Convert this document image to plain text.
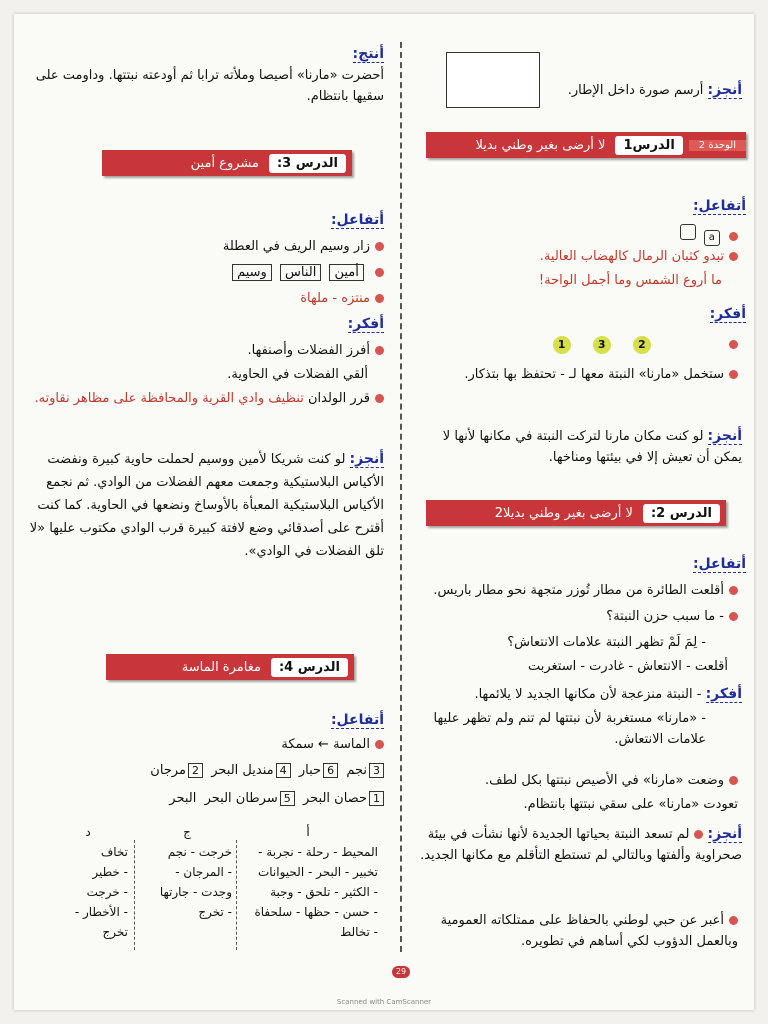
أنجز: أرسم صورة داخل الإطار.
الوحدة 2
الدرس1
لا أرضى بغير وطني بديلا
أتفاعل:
a
تبدو كثبان الرمال كالهضاب العالية.
ما أروع الشمس وما أجمل الواحة!
أفكر:
2 3 1
ستخمل «مارنا» النبتة معها لـ - تحتفظ بها بتذكار.
أنجز: لو كنت مكان مارنا لتركت النبتة في مكانها لأنها لا يمكن أن تعيش إلا في بيئتها ومناخها.
الدرس 2:
لا أرضى بغير وطني بديلا2
أتفاعل:
أقلعت الطائرة من مطار تُوزر متجهة نحو مطار باريس.
- ما سبب حزن النبتة؟
- لِمَ لَمْ تظهر النبتة علامات الانتعاش؟
أقلعت - الانتعاش - غادرت - استغربت
أفكر: - النبتة منزعجة لأن مكانها الجديد لا يلائمها.
- «مارنا» مستغربة لأن نبتتها لم تنم ولم تظهر عليها علامات الانتعاش.
وضعت «مارنا» في الأصيص نبتتها بكل لطف.
تعودت «مارنا» على سقي نبتتها بانتظام.
أنجز: لم تسعد النبتة بحياتها الجديدة لأنها نشأت في بيئة صحراوية وألفتها وبالتالي لم تستطع التأقلم مع مكانها الجديد.
أعبر عن حبي لوطني بالحفاظ على ممتلكاته العمومية وبالعمل الدؤوب لكي أساهم في تطويره.
أنتج:
أحضرت «مارنا» أصيصا وملأته ترابا ثم أودعته نبتتها. وداومت على سقيها بانتظام.
الدرس 3:
مشروع أمين
أتفاعل:
زار وسيم الريف في العطلة
أمين الناس وسيم
منتزه - ملهاة
أفكر:
أفرز الفضلات وأصنفها.
ألقي الفضلات في الحاوية.
قرر الولدان تنظيف وادي القرية والمحافظة على مظاهر نقاوته.
أنجز: لو كنت شريكا لأمين ووسيم لحملت حاوية كبيرة ونفضت الأكياس البلاستيكية وجمعت معهم الفضلات من الوادي. ثم نجمع الأكياس البلاستيكية المعبأة بالأوساخ ونضعها في الحاوية. كما كنت أقترح على أصدقائي وضع لافتة كبيرة قرب الوادي مكتوب عليها «لا تلق الفضلات في الوادي».
الدرس 4:
مغامرة الماسة
أتفاعل:
الماسة ← سمكة
3نجم  6حبار  4منديل البحر  2مرجان
1حصان البحر  5سرطان البحر  البحر
أ
المحيط - رحلة - نجربة -
تخبير - البحر - الحيوانات
- الكثير - تلحق - وجبة
- حسن - حظها - سلحفاة
- تخالط
ج
خرجت - نجم
- المرجان -
وجدت - جارتها
- تخرج
د
تخاف
- خطير
- خرجت
- الأخطار -
تخرج
29
Scanned with CamScanner
